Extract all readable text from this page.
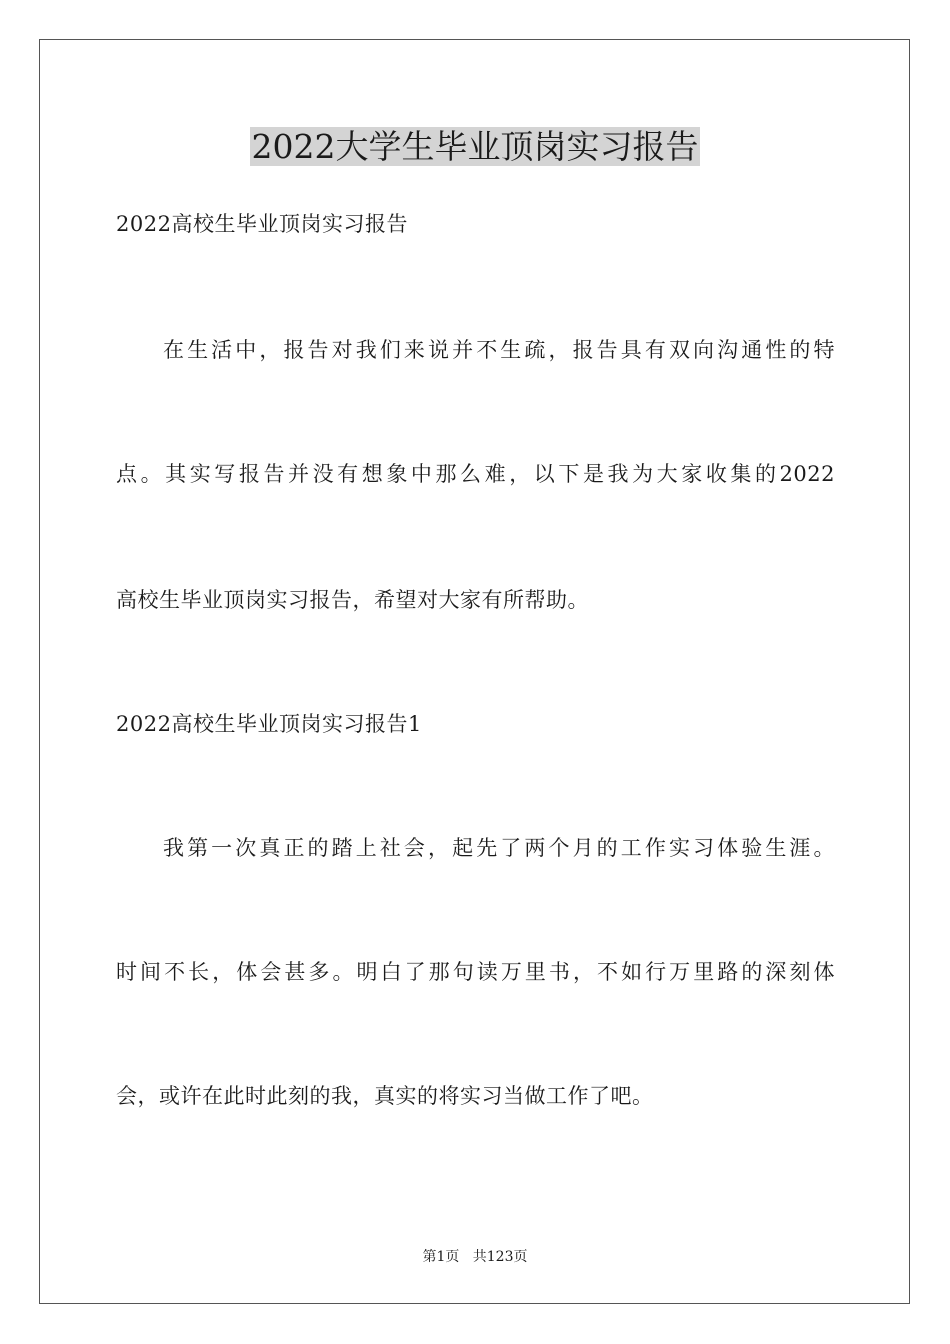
2022大学生毕业顶岗实习报告
2022高校生毕业顶岗实习报告
在生活中，报告对我们来说并不生疏，报告具有双向沟通性的特
点。其实写报告并没有想象中那么难，以下是我为大家收集的2022
高校生毕业顶岗实习报告，希望对大家有所帮助。
2022高校生毕业顶岗实习报告1
我第一次真正的踏上社会，起先了两个月的工作实习体验生涯。
时间不长，体会甚多。明白了那句读万里书，不如行万里路的深刻体
会，或许在此时此刻的我，真实的将实习当做工作了吧。
第1页   共123页
